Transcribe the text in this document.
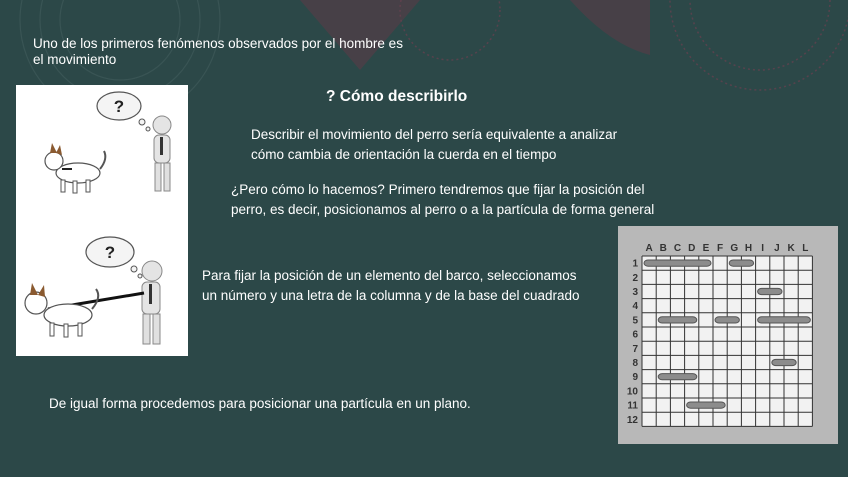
Uno de los primeros fenómenos observados por el hombre es
el movimiento
? Cómo describirlo
Describir el movimiento del perro sería equivalente a analizar
cómo cambia de orientación la cuerda en el tiempo
¿Pero cómo lo hacemos? Primero tendremos que fijar la posición del
perro, es decir, posicionamos al perro o a la partícula de forma general
Para fijar la posición de un elemento del barco, seleccionamos
un número y una letra de la columna y de la base del cuadrado
De igual forma procedemos para posicionar una partícula en un plano.
?
?	A B C D E F G H I J K L
1
2
3
4
5
6
7
8
9
10
11
12
